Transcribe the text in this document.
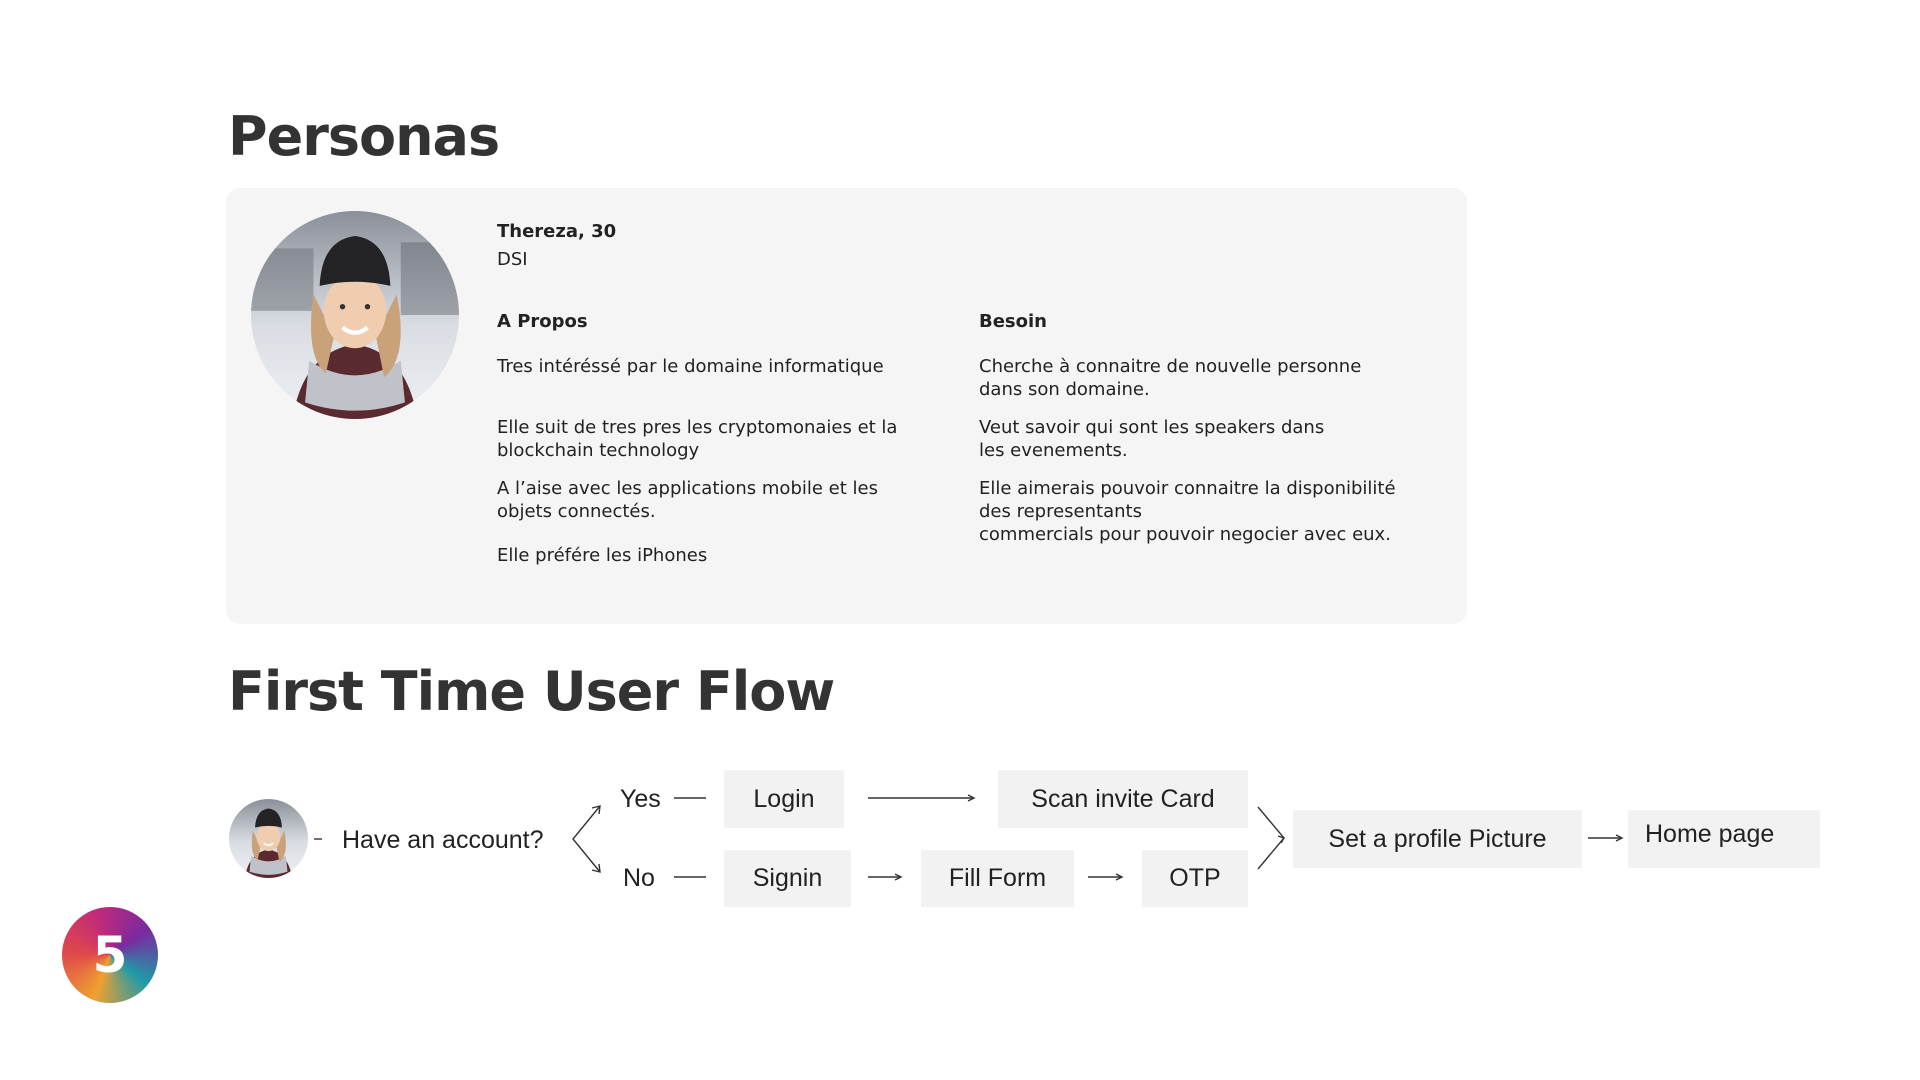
Personas
Thereza, 30
DSI
A Propos
Tres intéréssé par le domaine informatique
Elle suit de tres pres les cryptomonaies et la
blockchain technology
A l’aise avec les applications mobile et les
objets connectés.
Elle préfére les iPhones
Besoin
Cherche à connaitre de nouvelle personne
dans son domaine.
Veut savoir qui sont les speakers dans
les evenements.
Elle aimerais pouvoir connaitre la disponibilité
des representants
commercials pour pouvoir negocier avec eux.
First Time User Flow
Have an account?
Yes
No
Login	Scan invite Card
Signin	Fill Form	OTP
Set a profile Picture	Home page
5
